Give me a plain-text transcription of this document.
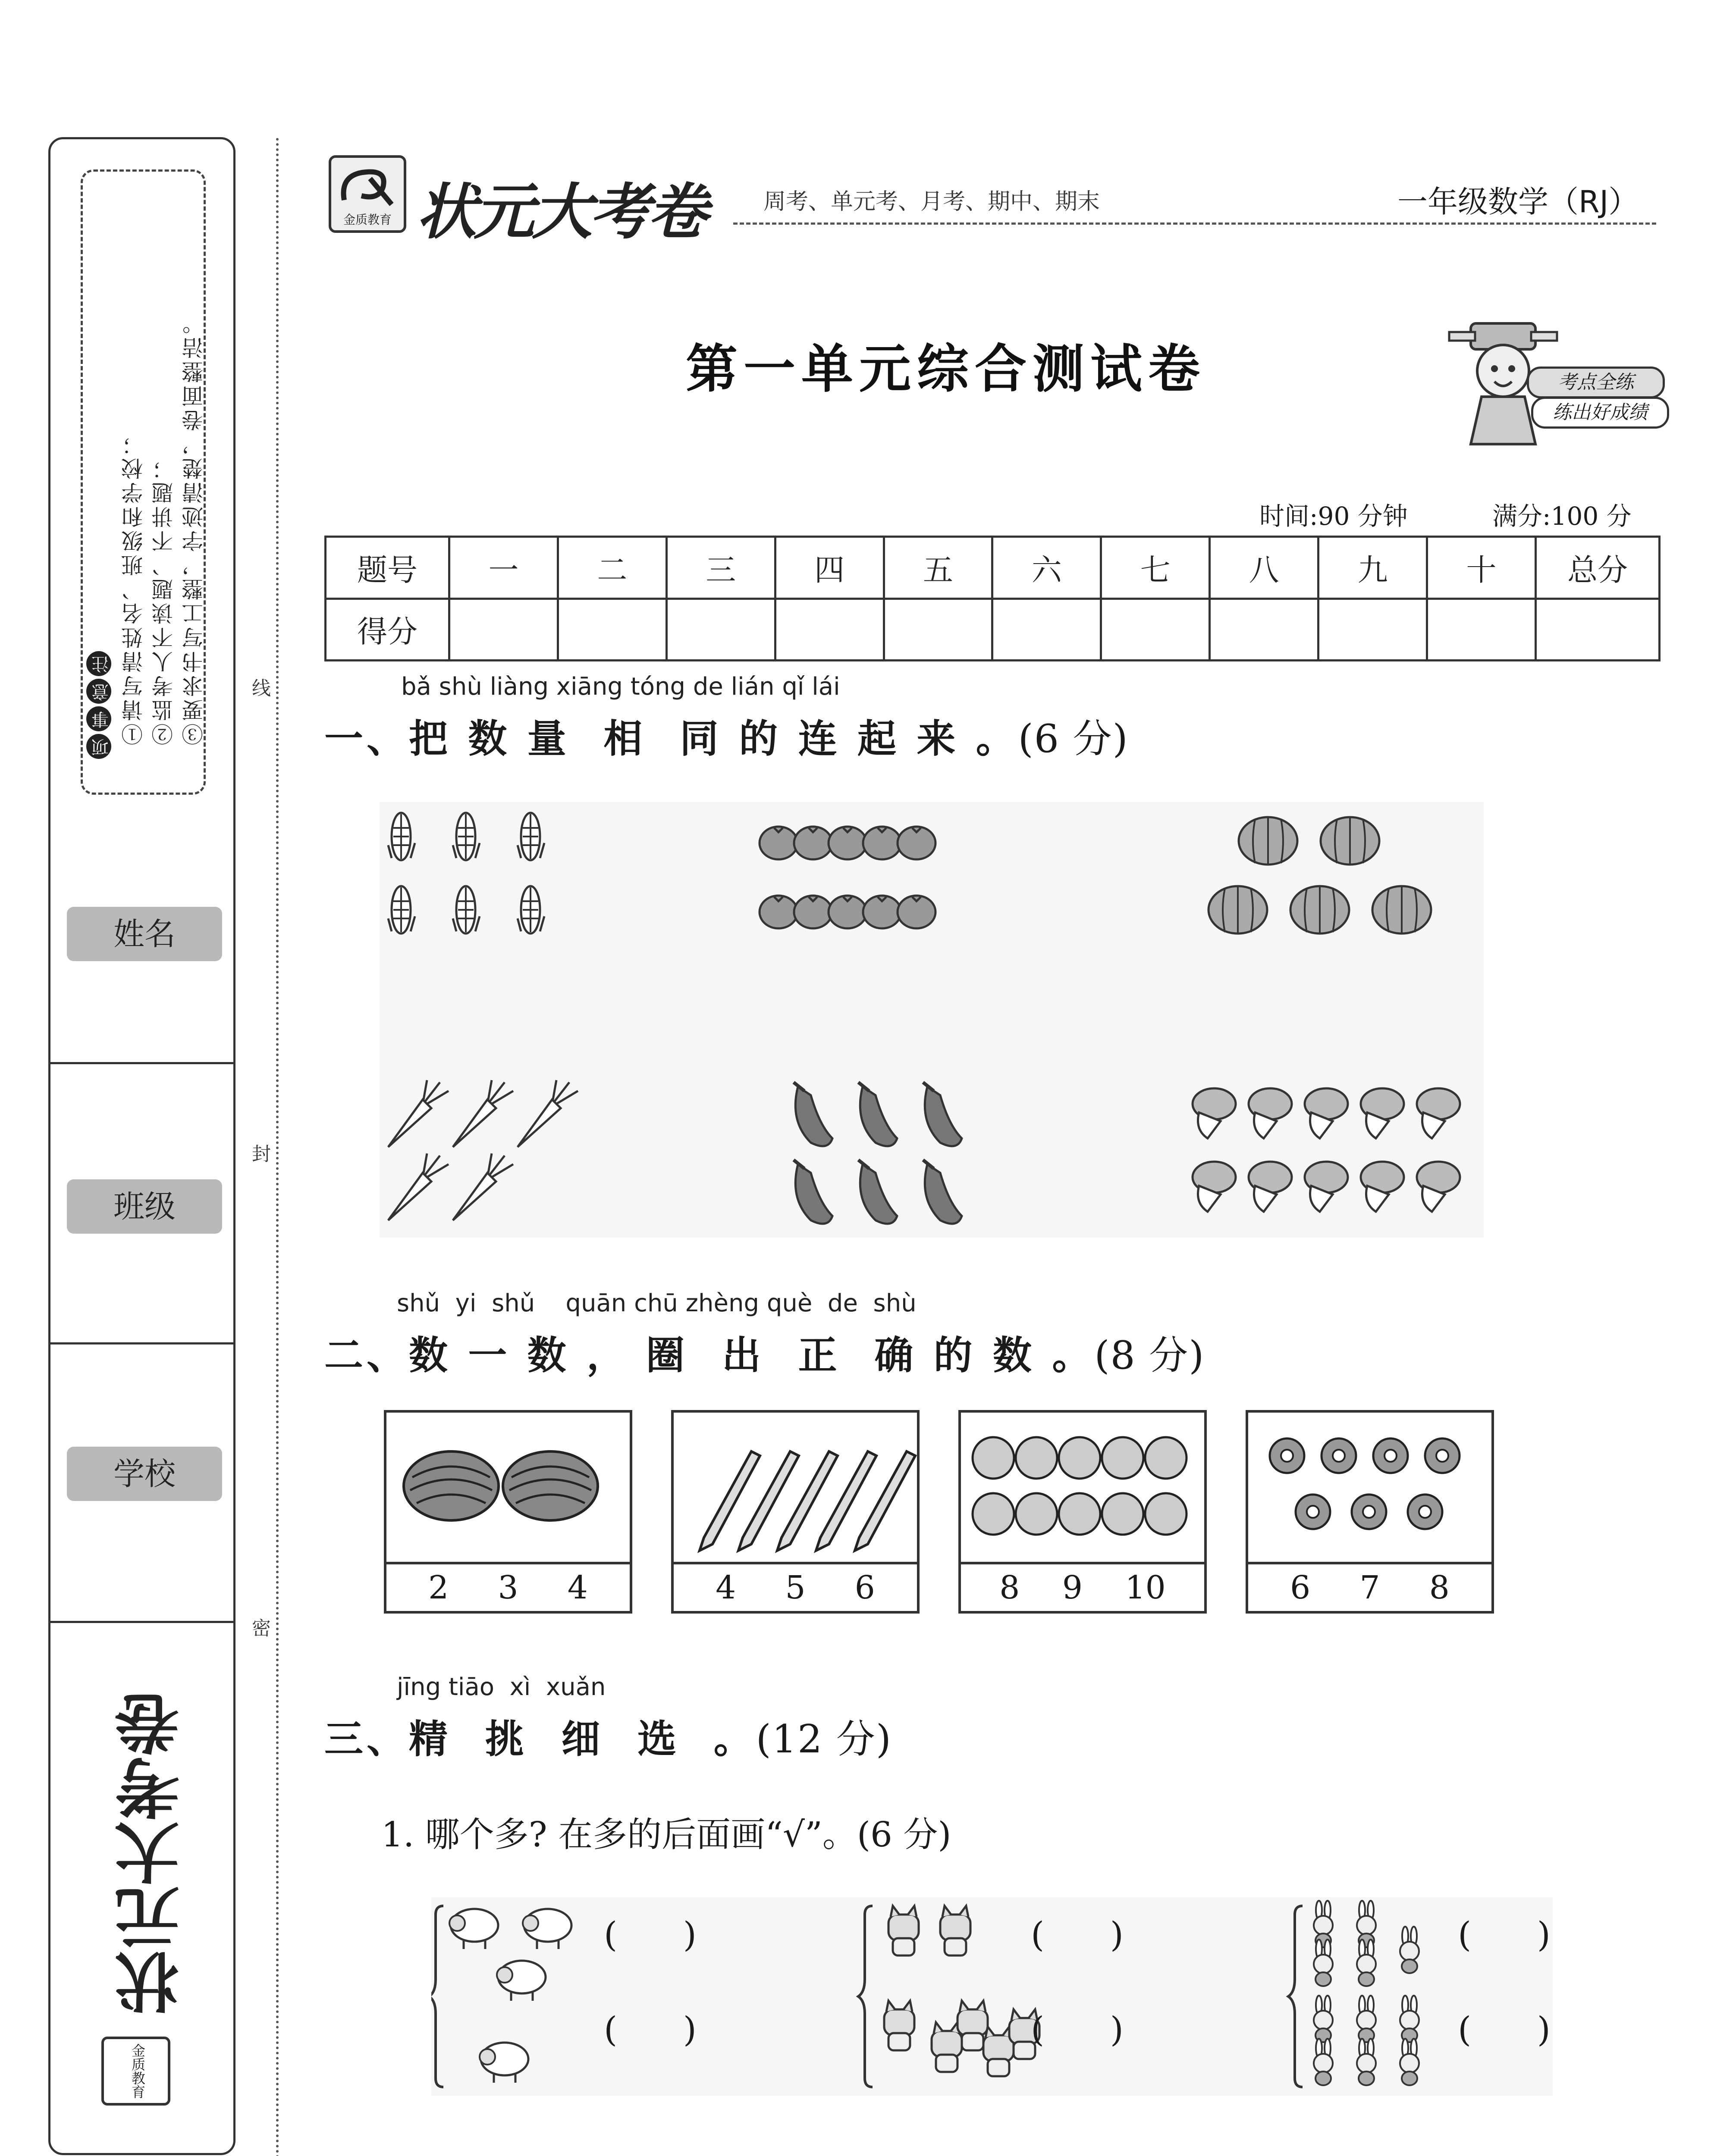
项
事
意
注 ①请写清姓名、班级和学校； ②监考人不读题、不讲题； ③要求书写工整，字迹清楚，卷面整洁。
姓名
班级
学校
状元大考卷
金质教育
线
封
密
金质教育 状元大考卷	周考、单元考、月考、期中、期末	一年级数学（RJ）
第一单元综合测试卷	考点全练
练出好成绩
时间:90 分钟	满分:100 分
题号	一	二	三	四	五	六	七	八	九	十	总分
得分											
bǎ shù liàng xiāng tóng de lián qǐ lái
一、把 数 量  相  同 的 连 起 来 。(6 分)
shǔ  yi  shǔ    quān chū zhèng què  de  shù
二、数 一 数 ， 圈  出  正  确 的 数 。(8 分)
2 3 4	4 5 6	8 9 10	6 7 8
jīng tiāo  xì  xuǎn
三、精  挑  细  选  。(12 分)
1. 哪个多? 在多的后面画“√”。(6 分)
(      )
(      )
(      )
(      )
(      )
(      )
